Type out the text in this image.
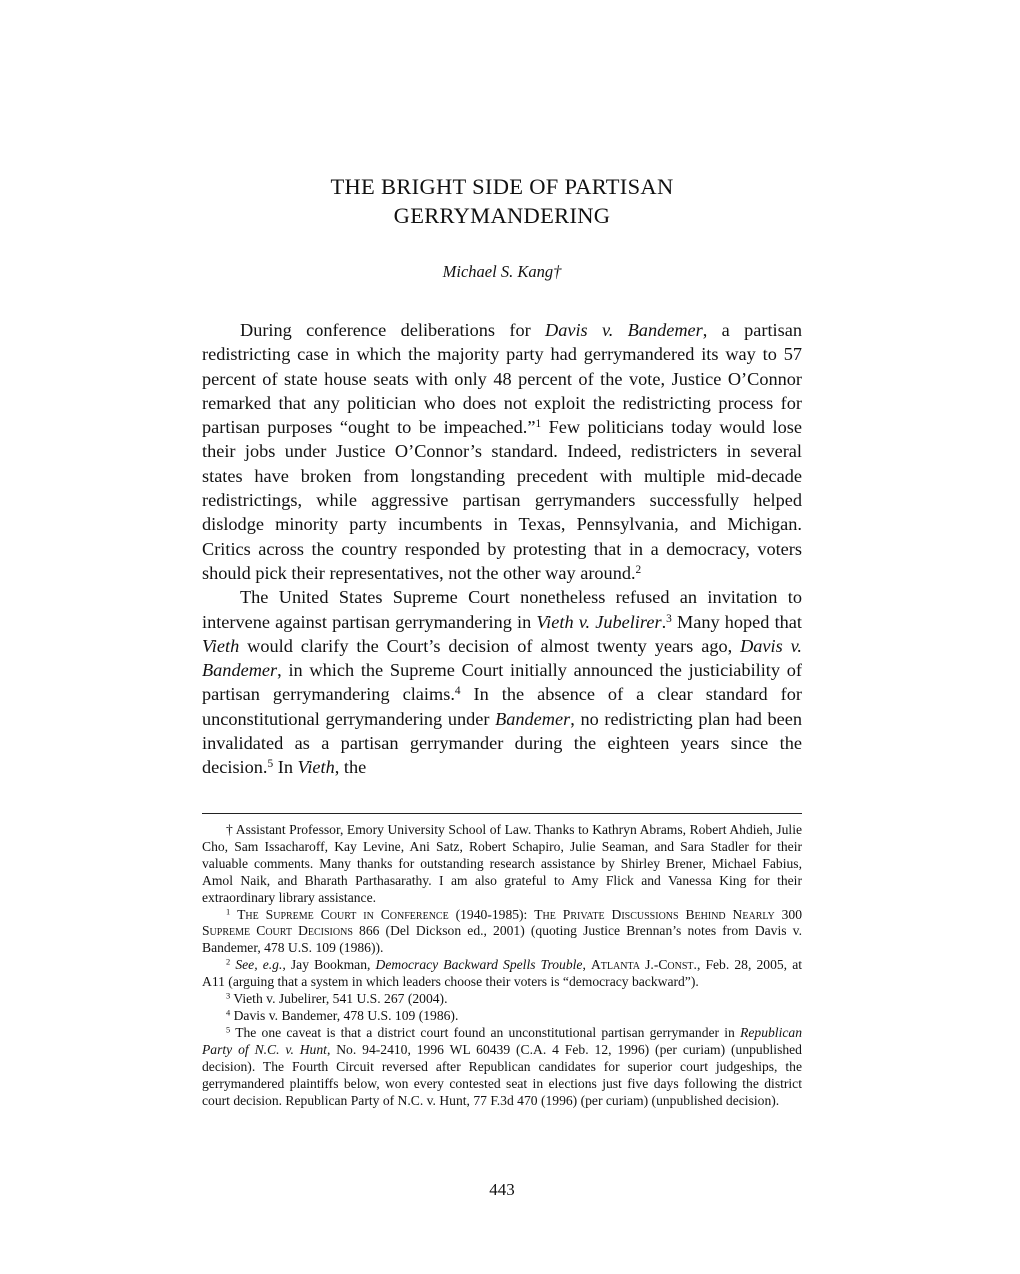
THE BRIGHT SIDE OF PARTISAN
GERRYMANDERING
Michael S. Kang†

During conference deliberations for Davis v. Bandemer, a partisan redistricting case in which the majority party had gerrymandered its way to 57 percent of state house seats with only 48 percent of the vote, Justice O’Connor remarked that any politician who does not exploit the redistricting process for partisan purposes “ought to be impeached.”$^1$ Few politicians today would lose their jobs under Justice O’Connor’s standard. Indeed, redistricters in several states have broken from longstanding precedent with multiple mid-decade redistrictings, while aggressive partisan gerrymanders successfully helped dislodge minority party incumbents in Texas, Pennsylvania, and Michigan. Critics across the country responded by protesting that in a democracy, voters should pick their representatives, not the other way around.$^2$

The United States Supreme Court nonetheless refused an invitation to intervene against partisan gerrymandering in Vieth v. Jubelirer.$^3$ Many hoped that Vieth would clarify the Court’s decision of almost twenty years ago, Davis v. Bandemer, in which the Supreme Court initially announced the justiciability of partisan gerrymandering claims.$^4$ In the absence of a clear standard for unconstitutional gerrymandering under Bandemer, no redistricting plan had been invalidated as a partisan gerrymander during the eighteen years since the decision.$^5$ In Vieth, the

† Assistant Professor, Emory University School of Law. Thanks to Kathryn Abrams, Robert Ahdieh, Julie Cho, Sam Issacharoff, Kay Levine, Ani Satz, Robert Schapiro, Julie Seaman, and Sara Stadler for their valuable comments. Many thanks for outstanding research assistance by Shirley Brener, Michael Fabius, Amol Naik, and Bharath Parthasarathy. I am also grateful to Amy Flick and Vanessa King for their extraordinary library assistance.

$^1$ The Supreme Court in Conference (1940-1985): The Private Discussions Behind Nearly 300 Supreme Court Decisions 866 (Del Dickson ed., 2001) (quoting Justice Brennan’s notes from Davis v. Bandemer, 478 U.S. 109 (1986)).

$^2$ See, e.g., Jay Bookman, Democracy Backward Spells Trouble, Atlanta J.-Const., Feb. 28, 2005, at A11 (arguing that a system in which leaders choose their voters is “democracy backward”).

$^3$ Vieth v. Jubelirer, 541 U.S. 267 (2004).

$^4$ Davis v. Bandemer, 478 U.S. 109 (1986).

$^5$ The one caveat is that a district court found an unconstitutional partisan gerrymander in Republican Party of N.C. v. Hunt, No. 94-2410, 1996 WL 60439 (C.A. 4 Feb. 12, 1996) (per curiam) (unpublished decision). The Fourth Circuit reversed after Republican candidates for superior court judgeships, the gerrymandered plaintiffs below, won every contested seat in elections just five days following the district court decision. Republican Party of N.C. v. Hunt, 77 F.3d 470 (1996) (per curiam) (unpublished decision).

443
